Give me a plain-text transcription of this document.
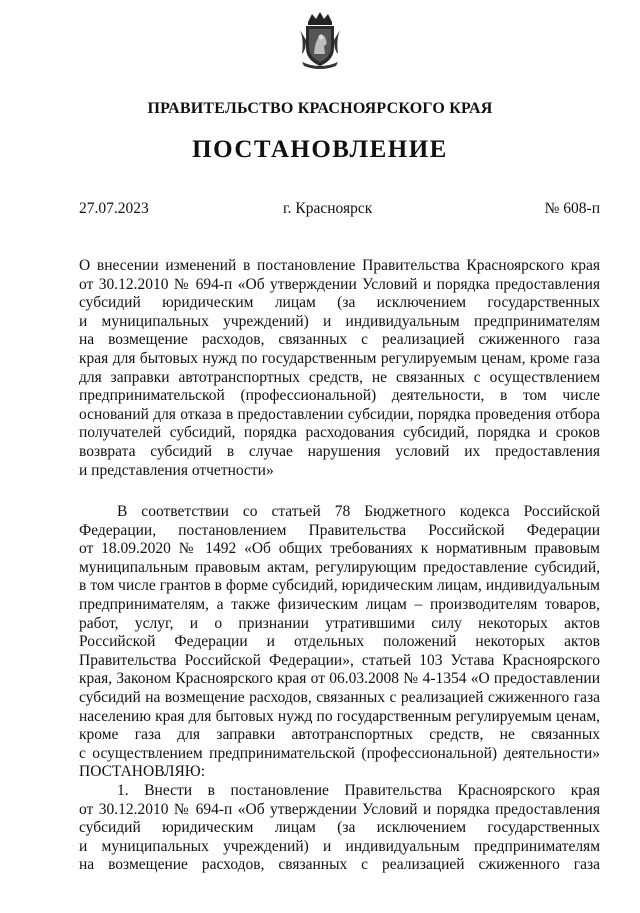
ПРАВИТЕЛЬСТВО КРАСНОЯРСКОГО КРАЯ
ПОСТАНОВЛЕНИЕ
27.07.2023	г. Красноярск	№ 608-п
О внесении изменений в постановление Правительства Красноярского края
от 30.12.2010 № 694-п «Об утверждении Условий и порядка предоставления
субсидий юридическим лицам (за исключением государственных
и муниципальных учреждений) и индивидуальным предпринимателям
на возмещение расходов, связанных с реализацией сжиженного газа
края для бытовых нужд по государственным регулируемым ценам, кроме газа
для заправки автотранспортных средств, не связанных с осуществлением
предпринимательской (профессиональной) деятельности, в том числе
оснований для отказа в предоставлении субсидии, порядка проведения отбора
получателей субсидий, порядка расходования субсидий, порядка и сроков
возврата субсидий в случае нарушения условий их предоставления
и представления отчетности»
В соответствии со статьей 78 Бюджетного кодекса Российской
Федерации, постановлением Правительства Российской Федерации
от 18.09.2020 № 1492 «Об общих требованиях к нормативным правовым
муниципальным правовым актам, регулирующим предоставление субсидий,
в том числе грантов в форме субсидий, юридическим лицам, индивидуальным
предпринимателям, а также физическим лицам – производителям товаров,
работ, услуг, и о признании утратившими силу некоторых актов
Российской Федерации и отдельных положений некоторых актов
Правительства Российской Федерации», статьей 103 Устава Красноярского
края, Законом Красноярского края от 06.03.2008 № 4-1354 «О предоставлении
субсидий на возмещение расходов, связанных с реализацией сжиженного газа
населению края для бытовых нужд по государственным регулируемым ценам,
кроме газа для заправки автотранспортных средств, не связанных
с осуществлением предпринимательской (профессиональной) деятельности»
ПОСТАНОВЛЯЮ:
1. Внести в постановление Правительства Красноярского края
от 30.12.2010 № 694-п «Об утверждении Условий и порядка предоставления
субсидий юридическим лицам (за исключением государственных
и муниципальных учреждений) и индивидуальным предпринимателям
на возмещение расходов, связанных с реализацией сжиженного газа
